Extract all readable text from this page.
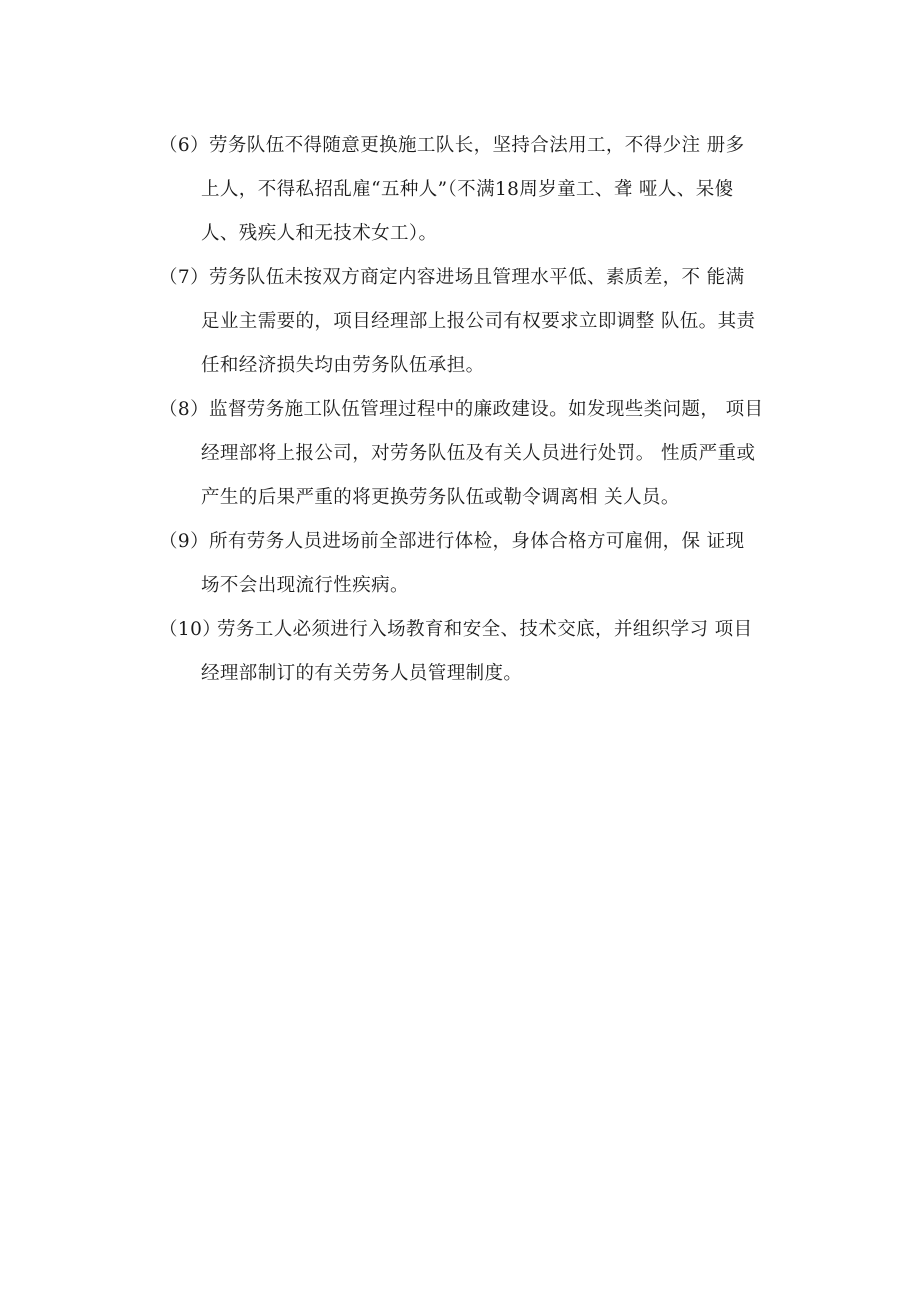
（6） 劳务队伍不得随意更换施工队长，坚持合法用工，不得少注 册多
上人，不得私招乱雇“五种人”（不满18周岁童工、聋 哑人、呆傻
人、残疾人和无技术女工）。

（7） 劳务队伍未按双方商定内容进场且管理水平低、素质差，不 能满
足业主需要的，项目经理部上报公司有权要求立即调整 队伍。其责
任和经济损失均由劳务队伍承担。

（8） 监督劳务施工队伍管理过程中的廉政建设。如发现些类问题， 项目
经理部将上报公司，对劳务队伍及有关人员进行处罚。 性质严重或
产生的后果严重的将更换劳务队伍或勒令调离相 关人员。

（9） 所有劳务人员进场前全部进行体检，身体合格方可雇佣，保 证现
场不会出现流行性疾病。

（10）
劳务工人必须进行入场教育和安全、技术交底，并组织学习 项目
经理部制订的有关劳务人员管理制度。
